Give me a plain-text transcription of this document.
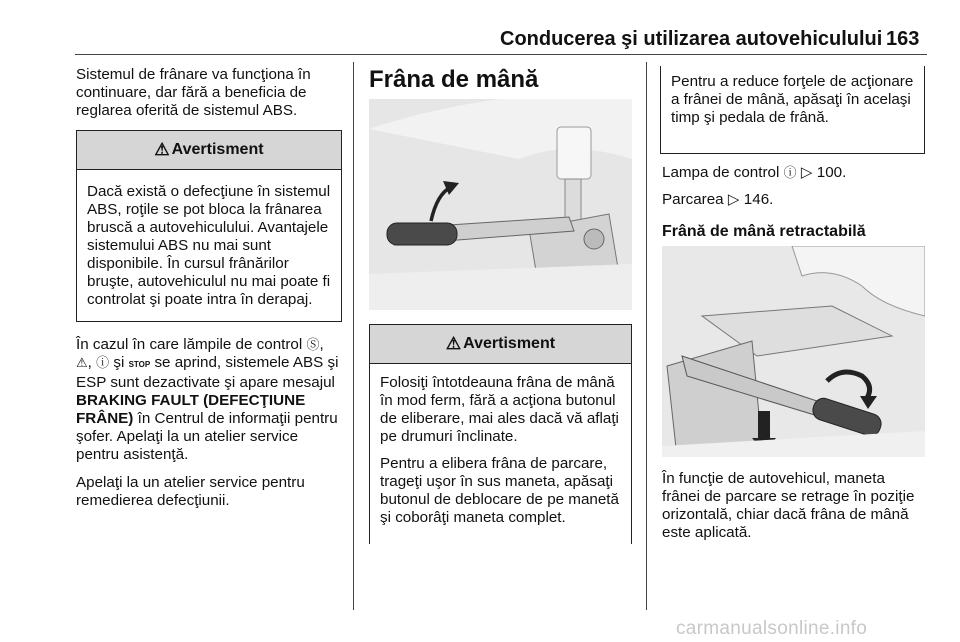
Conducerea şi utilizarea autovehiculului 163

Sistemul de frânare va funcţiona în continuare, dar fără a beneficia de reglarea oferită de sistemul ABS.

⚠ Avertisment

Dacă există o defecţiune în sistemul ABS, roţile se pot bloca la frânarea bruscă a autovehiculului. Avantajele sistemului ABS nu mai sunt disponibile. În cursul frânărilor bruşte, autovehiculul nu mai poate fi controlat şi poate intra în derapaj.

În cazul în care lămpile de control Ⓢ, ⚠, ⓘ şi STOP se aprind, sistemele ABS şi ESP sunt dezactivate şi apare mesajul BRAKING FAULT (DEFECŢIUNE FRÂNE) în Centrul de informaţii pentru şofer. Apelaţi la un atelier service pentru asistenţă.

Apelaţi la un atelier service pentru remedierea defecţiunii.

Frâna de mână
⚠ Avertisment

Folosiţi întotdeauna frâna de mână în mod ferm, fără a acţiona butonul de eliberare, mai ales dacă vă aflaţi pe drumuri înclinate.

Pentru a elibera frâna de parcare, trageţi uşor în sus maneta, apăsaţi butonul de deblocare de pe manetă şi coborâţi maneta complet.

Pentru a reduce forţele de acţionare a frânei de mână, apăsaţi în acelaşi timp şi pedala de frână.

Lampa de control ⓘ ▷ 100.

Parcarea ▷ 146.

Frână de mână retractabilă

În funcţie de autovehicul, maneta frânei de parcare se retrage în poziţie orizontală, chiar dacă frâna de mână este aplicată.

carmanualsonline.info
